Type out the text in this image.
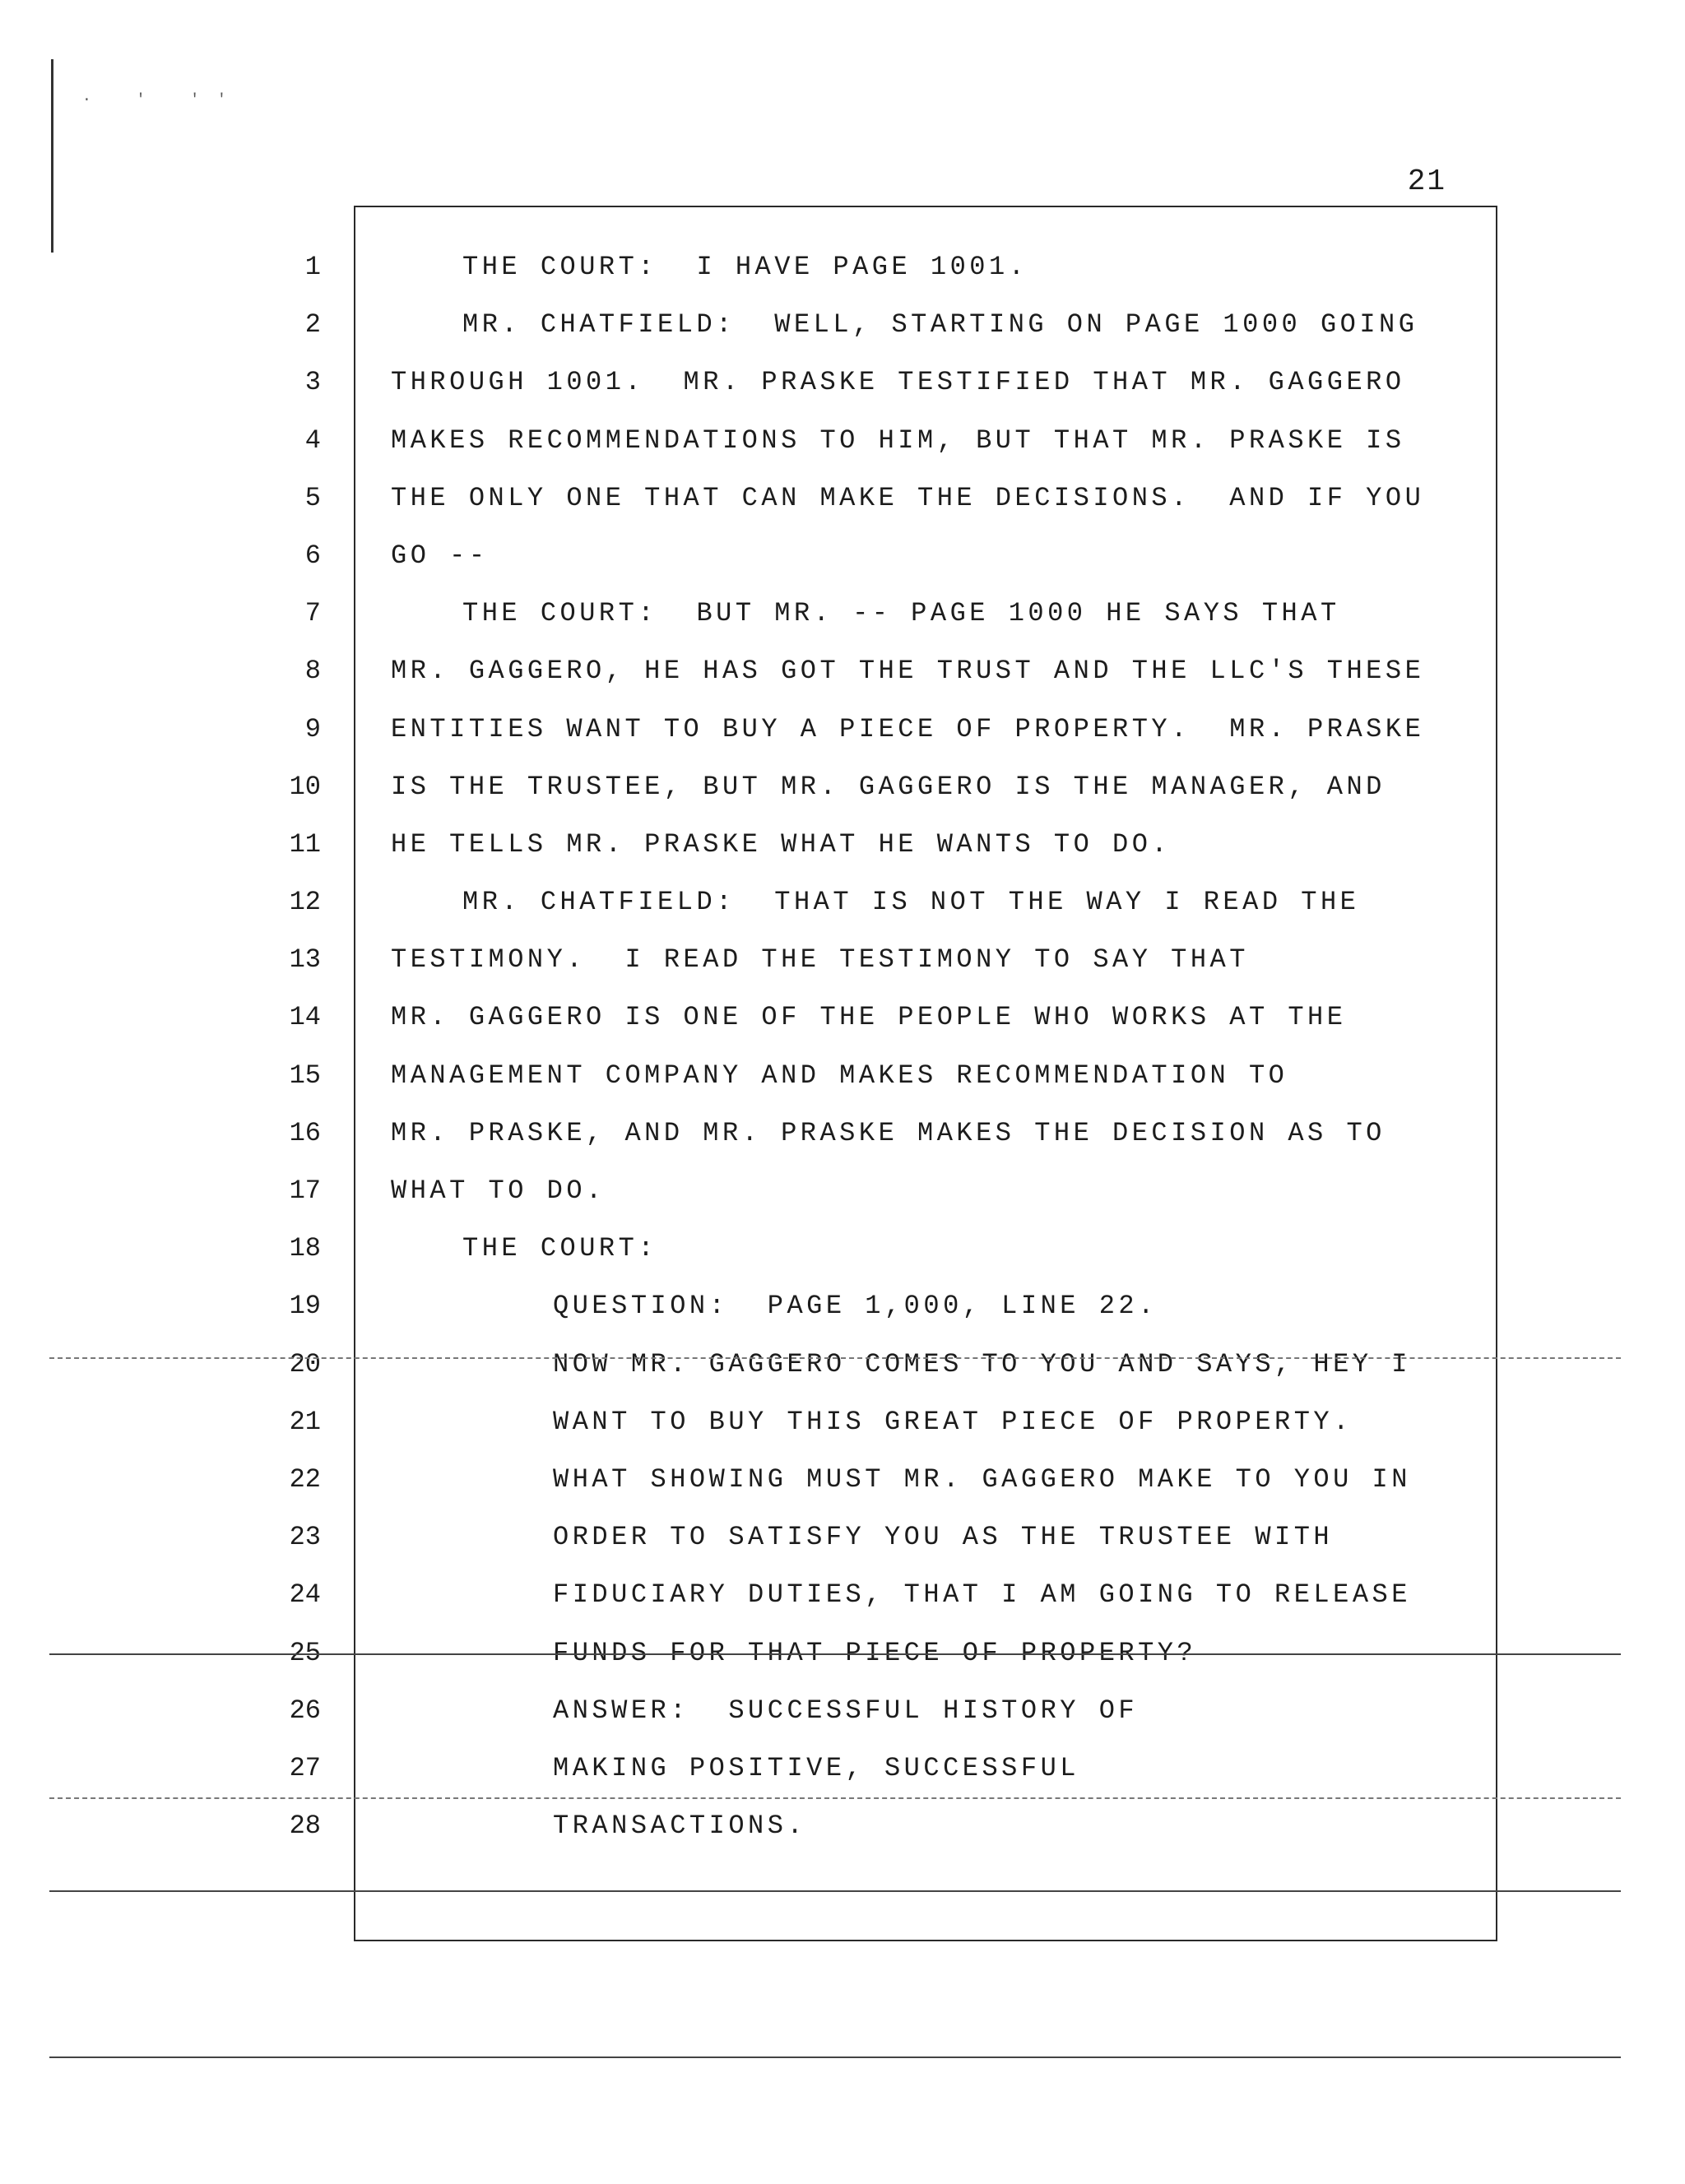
· ' ''
21
1	THE COURT:  I HAVE PAGE 1001.
2	MR. CHATFIELD:  WELL, STARTING ON PAGE 1000 GOING
3	THROUGH 1001.  MR. PRASKE TESTIFIED THAT MR. GAGGERO
4	MAKES RECOMMENDATIONS TO HIM, BUT THAT MR. PRASKE IS
5	THE ONLY ONE THAT CAN MAKE THE DECISIONS.  AND IF YOU
6	GO --
7	THE COURT:  BUT MR. -- PAGE 1000 HE SAYS THAT
8	MR. GAGGERO, HE HAS GOT THE TRUST AND THE LLC'S THESE
9	ENTITIES WANT TO BUY A PIECE OF PROPERTY.  MR. PRASKE
10	IS THE TRUSTEE, BUT MR. GAGGERO IS THE MANAGER, AND
11	HE TELLS MR. PRASKE WHAT HE WANTS TO DO.
12	MR. CHATFIELD:  THAT IS NOT THE WAY I READ THE
13	TESTIMONY.  I READ THE TESTIMONY TO SAY THAT
14	MR. GAGGERO IS ONE OF THE PEOPLE WHO WORKS AT THE
15	MANAGEMENT COMPANY AND MAKES RECOMMENDATION TO
16	MR. PRASKE, AND MR. PRASKE MAKES THE DECISION AS TO
17	WHAT TO DO.
18	THE COURT:
19	QUESTION:  PAGE 1,000, LINE 22.
20	NOW MR. GAGGERO COMES TO YOU AND SAYS, HEY I
21	WANT TO BUY THIS GREAT PIECE OF PROPERTY.
22	WHAT SHOWING MUST MR. GAGGERO MAKE TO YOU IN
23	ORDER TO SATISFY YOU AS THE TRUSTEE WITH
24	FIDUCIARY DUTIES, THAT I AM GOING TO RELEASE
25	FUNDS FOR THAT PIECE OF PROPERTY?
26	ANSWER:  SUCCESSFUL HISTORY OF
27	MAKING POSITIVE, SUCCESSFUL
28	TRANSACTIONS.
